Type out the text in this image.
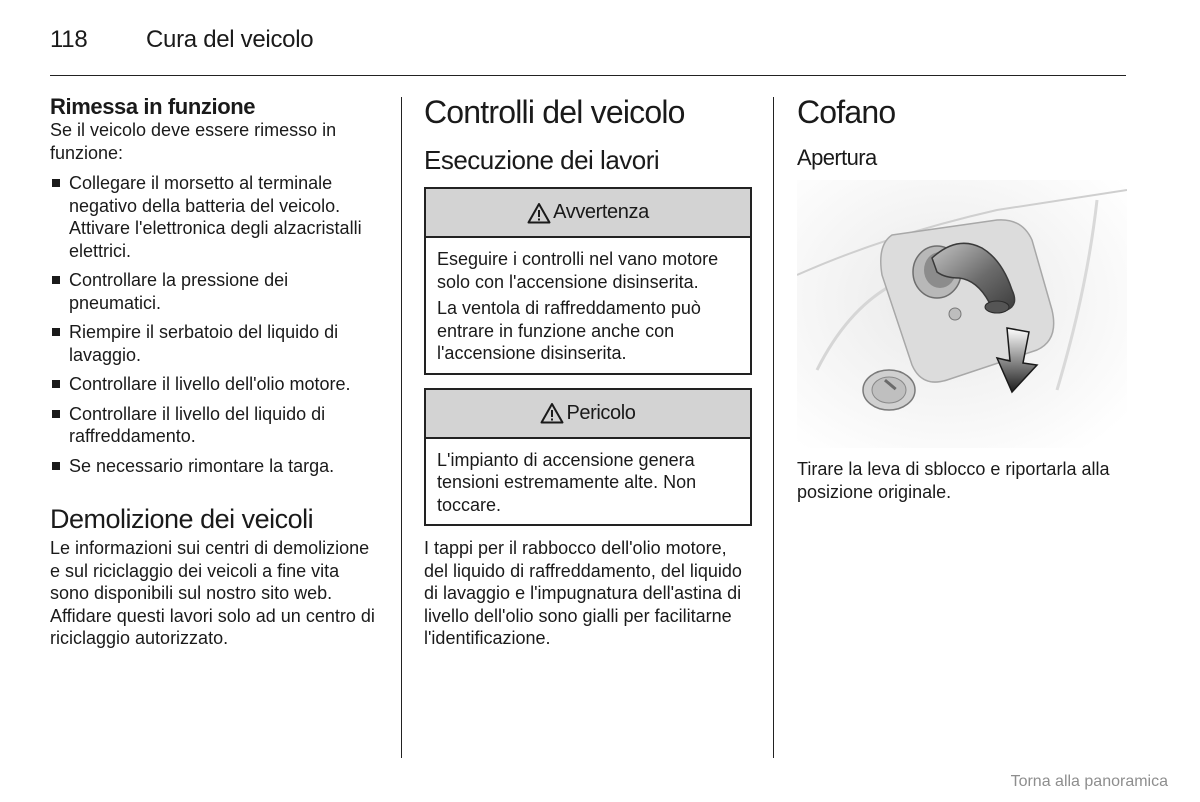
118 Cura del veicolo
Rimessa in funzione
Se il veicolo deve essere rimesso in funzione:
Collegare il morsetto al terminale negativo della batteria del veicolo. Attivare l'elettronica degli alzacristalli elettrici.
Controllare la pressione dei pneumatici.
Riempire il serbatoio del liquido di lavaggio.
Controllare il livello dell'olio motore.
Controllare il livello del liquido di raffreddamento.
Se necessario rimontare la targa.
Demolizione dei veicoli
Le informazioni sui centri di demolizione e sul riciclaggio dei veicoli a fine vita sono disponibili sul nostro sito web. Affidare questi lavori solo ad un centro di riciclaggio autorizzato.
Controlli del veicolo
Esecuzione dei lavori
Avvertenza
Eseguire i controlli nel vano motore solo con l'accensione disinserita.
La ventola di raffreddamento può entrare in funzione anche con l'accensione disinserita.
Pericolo
L'impianto di accensione genera tensioni estremamente alte. Non toccare.
I tappi per il rabbocco dell'olio motore, del liquido di raffreddamento, del liquido di lavaggio e l'impugnatura dell'astina di livello dell'olio sono gialli per facilitarne l'identificazione.
Cofano
Apertura
Tirare la leva di sblocco e riportarla alla posizione originale.
Torna alla panoramica
